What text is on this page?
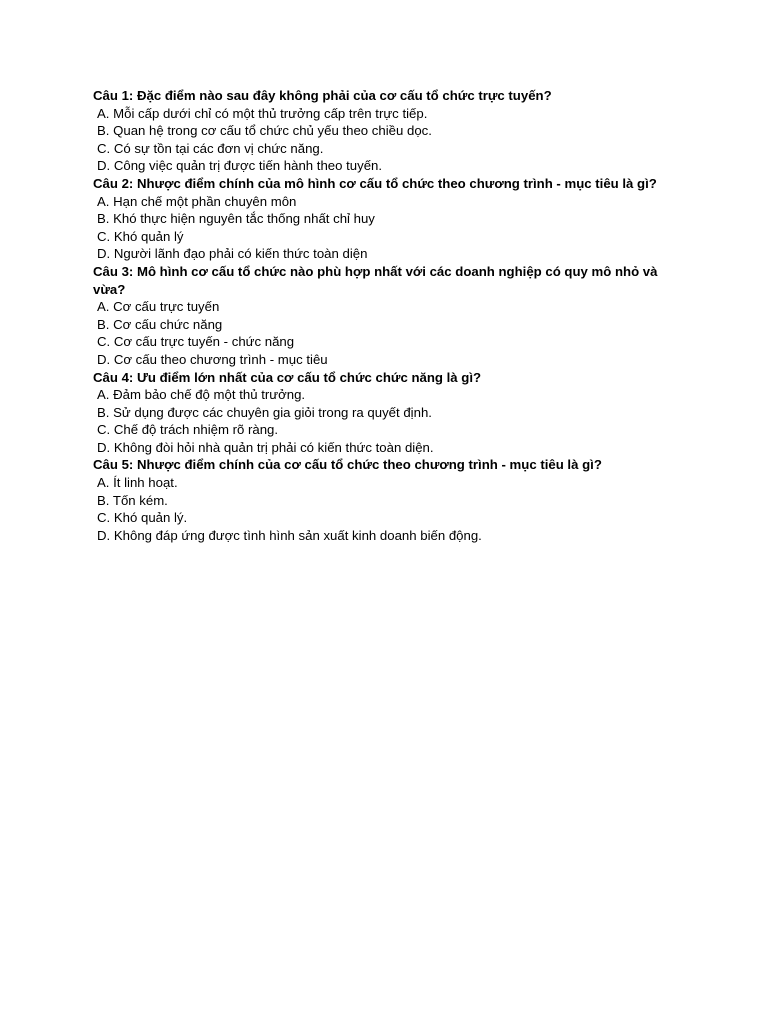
Câu 1: Đặc điểm nào sau đây không phải của cơ cấu tổ chức trực tuyến?

A. Mỗi cấp dưới chỉ có một thủ trưởng cấp trên trực tiếp.

B. Quan hệ trong cơ cấu tổ chức chủ yếu theo chiều dọc.

C. Có sự tồn tại các đơn vị chức năng.

D. Công việc quản trị được tiến hành theo tuyến.

Câu 2: Nhược điểm chính của mô hình cơ cấu tổ chức theo chương trình - mục tiêu là gì?

A. Hạn chế một phần chuyên môn

B. Khó thực hiện nguyên tắc thống nhất chỉ huy

C. Khó quản lý

D. Người lãnh đạo phải có kiến thức toàn diện

Câu 3: Mô hình cơ cấu tổ chức nào phù hợp nhất với các doanh nghiệp có quy mô nhỏ và vừa?

A. Cơ cấu trực tuyến

B. Cơ cấu chức năng

C. Cơ cấu trực tuyến - chức năng

D. Cơ cấu theo chương trình - mục tiêu

Câu 4: Ưu điểm lớn nhất của cơ cấu tổ chức chức năng là gì?

A. Đảm bảo chế độ một thủ trưởng.

B. Sử dụng được các chuyên gia giỏi trong ra quyết định.

C. Chế độ trách nhiệm rõ ràng.

D. Không đòi hỏi nhà quản trị phải có kiến thức toàn diện.

Câu 5: Nhược điểm chính của cơ cấu tổ chức theo chương trình - mục tiêu là gì?

A. Ít linh hoạt.

B. Tốn kém.

C. Khó quản lý.

D. Không đáp ứng được tình hình sản xuất kinh doanh biến động.
